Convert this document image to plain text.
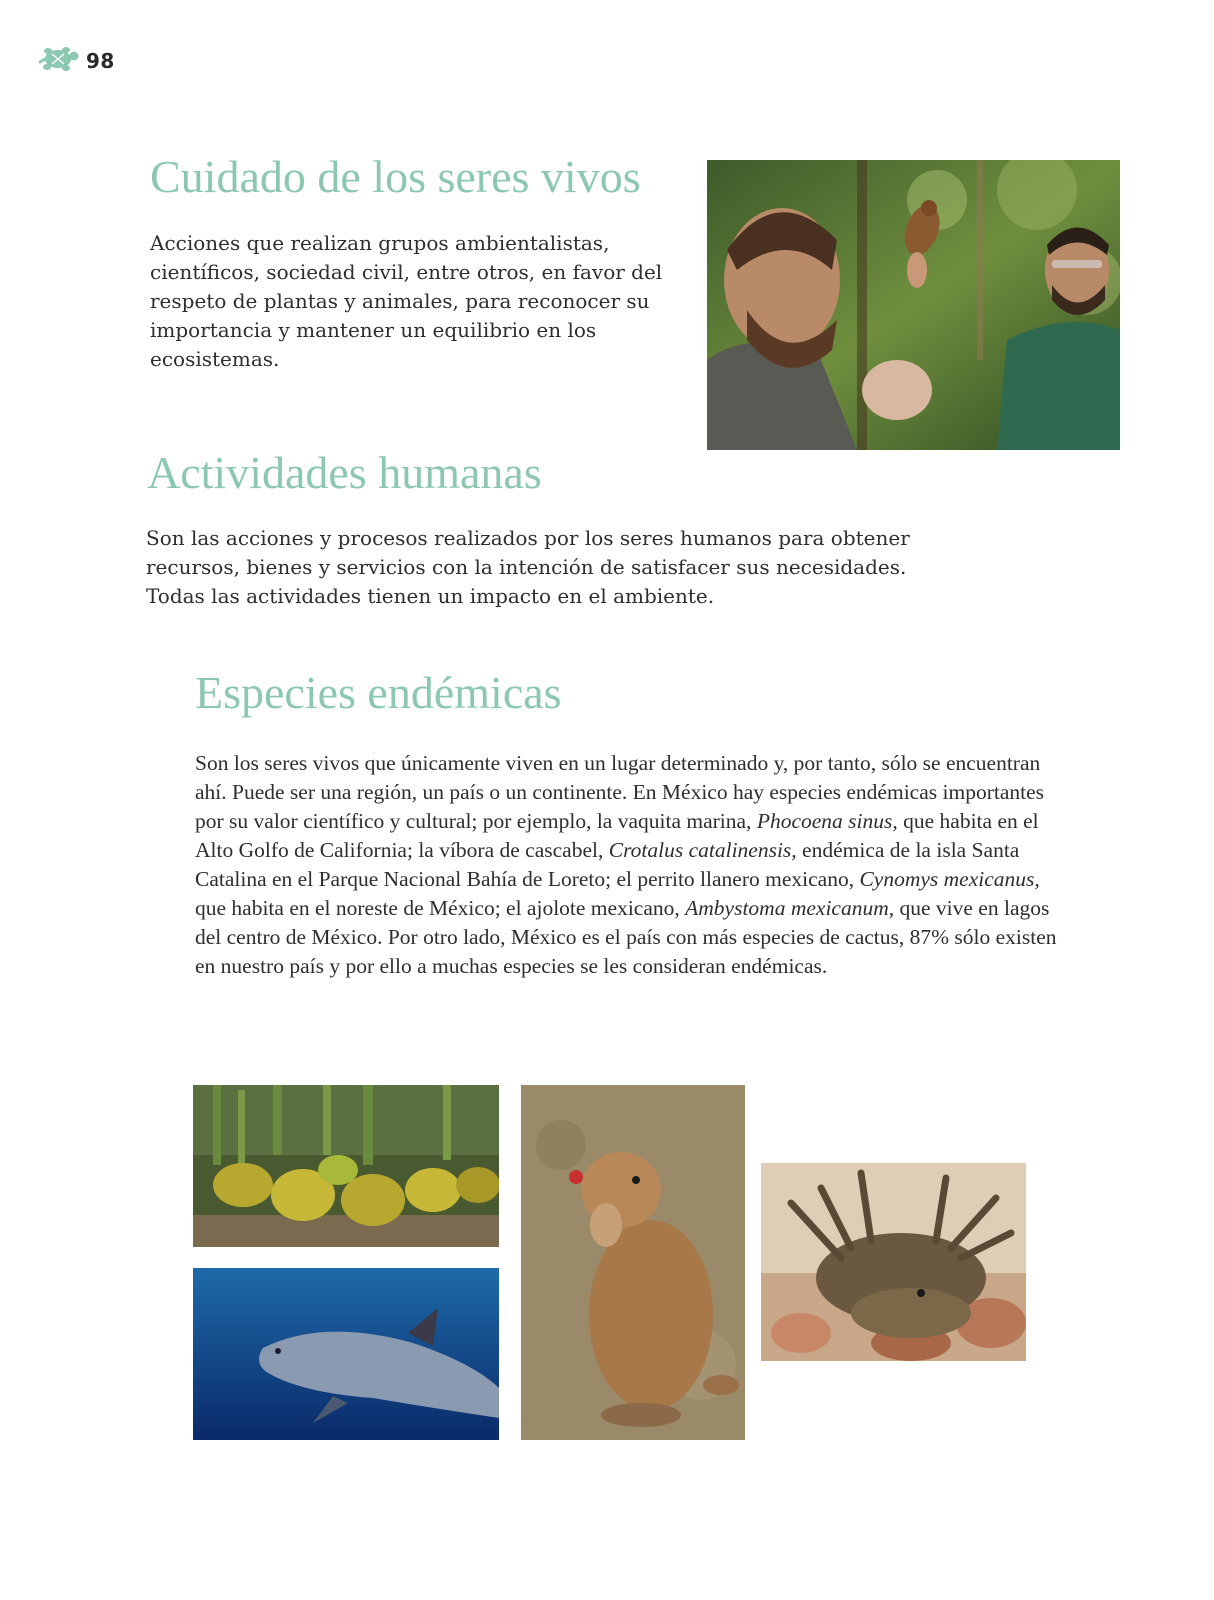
98
Cuidado de los seres vivos

Acciones que realizan grupos ambientalistas, científicos, sociedad civil, entre otros, en favor del respeto de plantas y animales, para reconocer su importancia y mantener un equilibrio en los ecosistemas.

Actividades humanas

Son las acciones y procesos realizados por los seres humanos para obtener recursos, bienes y servicios con la intención de satisfacer sus necesidades. Todas las actividades tienen un impacto en el ambiente.

Especies endémicas

Son los seres vivos que únicamente viven en un lugar determinado y, por tanto, sólo se encuentran ahí. Puede ser una región, un país o un continente. En México hay especies endémicas importantes por su valor científico y cultural; por ejemplo, la vaquita marina, Phocoena sinus, que habita en el Alto Golfo de California; la víbora de cascabel, Crotalus catalinensis, endémica de la isla Santa Catalina en el Parque Nacional Bahía de Loreto; el perrito llanero mexicano, Cynomys mexicanus, que habita en el noreste de México; el ajolote mexicano, Ambystoma mexicanum, que vive en lagos del centro de México. Por otro lado, México es el país con más especies de cactus, 87% sólo existen en nuestro país y por ello a muchas especies se les consideran endémicas.
